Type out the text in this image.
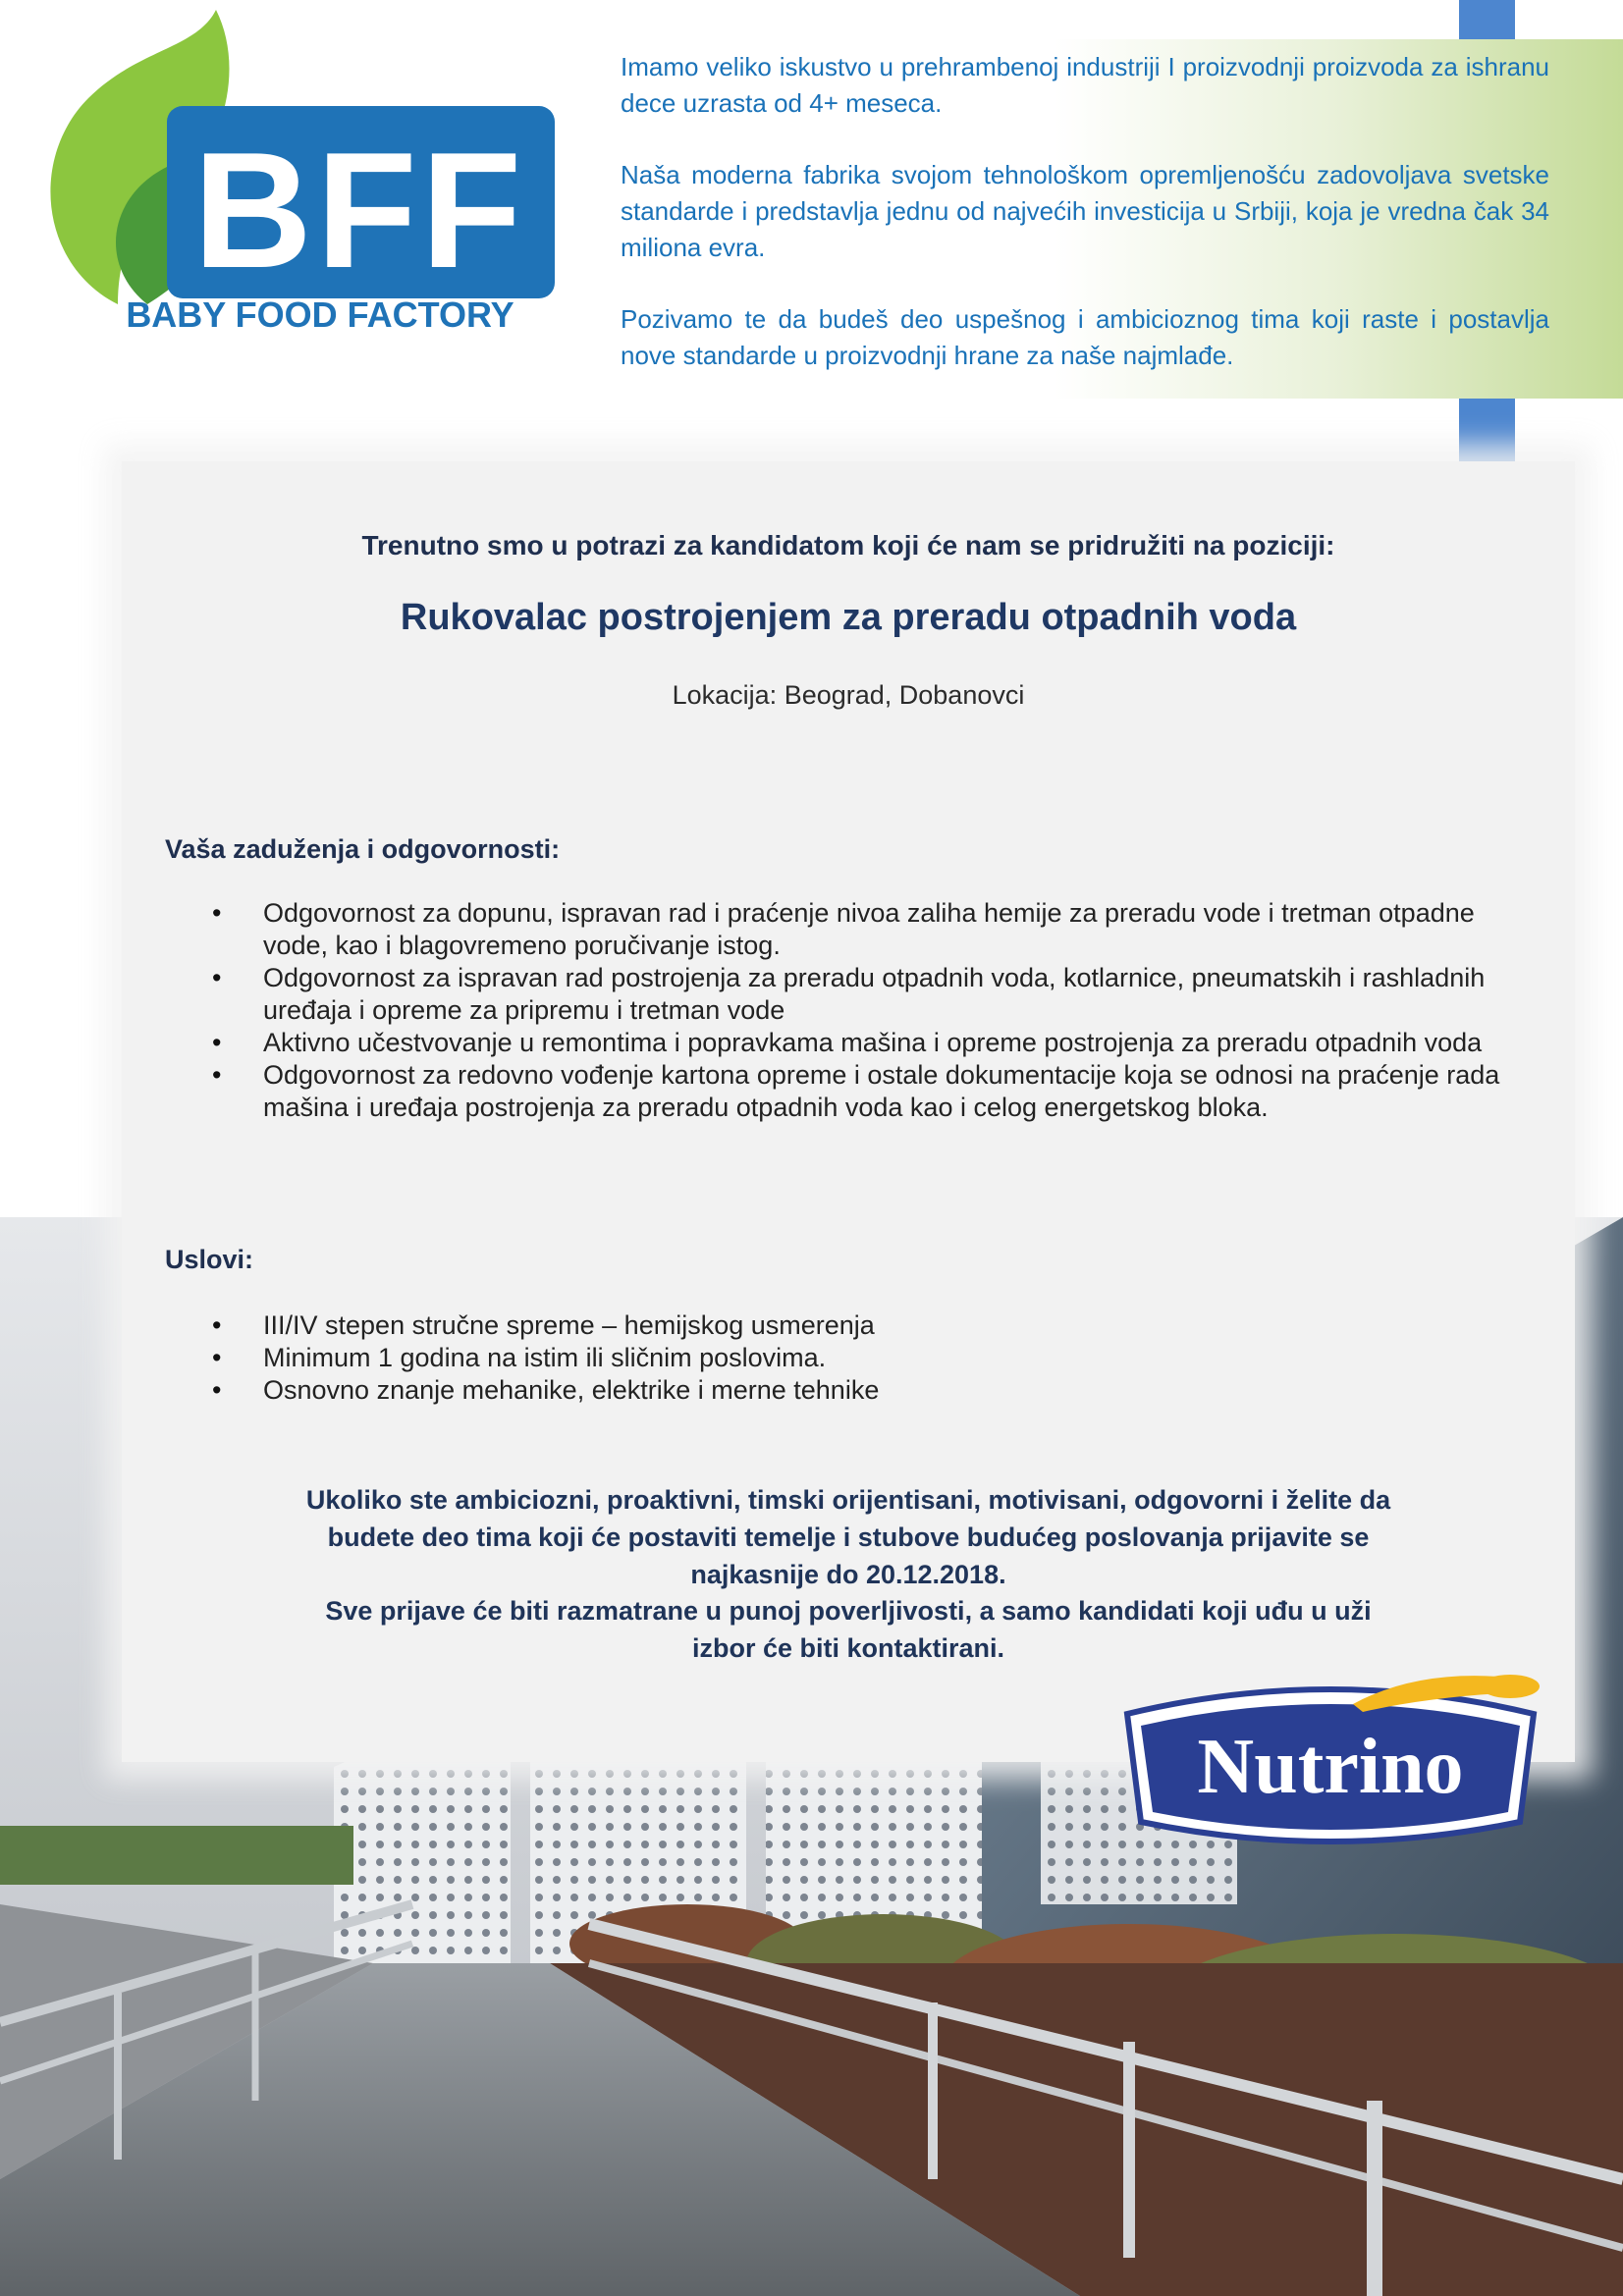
Imamo veliko iskustvo u prehrambenoj industriji I proizvodnji proizvoda za ishranu dece uzrasta od 4+ meseca.

Naša moderna fabrika svojom tehnološkom opremljenošću zadovoljava svetske standarde i predstavlja jednu od najvećih investicija u Srbiji, koja je vredna čak 34 miliona evra.

Pozivamo te da budeš deo uspešnog i ambicioznog tima koji raste i postavlja nove standarde u proizvodnji hrane za naše najmlađe.

BFF
BABY FOOD FACTORY
Trenutno smo u potrazi za kandidatom koji će nam se pridružiti na poziciji:
Rukovalac postrojenjem za preradu otpadnih voda
Lokacija: Beograd, Dobanovci
Vaša zaduženja i odgovornosti:
• Odgovornost za dopunu, ispravan rad i praćenje nivoa zaliha hemije za preradu vode i tretman otpadne vode, kao i blagovremeno poručivanje istog.
• Odgovornost za ispravan rad postrojenja za preradu otpadnih voda, kotlarnice, pneumatskih i rashladnih uređaja i opreme za pripremu i tretman vode
• Aktivno učestvovanje u remontima i popravkama mašina i opreme postrojenja za preradu otpadnih voda
• Odgovornost za redovno vođenje kartona opreme i ostale dokumentacije koja se odnosi na praćenje rada mašina i uređaja postrojenja za preradu otpadnih voda kao i celog energetskog bloka.
Uslovi:
• III/IV stepen stručne spreme – hemijskog usmerenja
• Minimum 1 godina na istim ili sličnim poslovima.
• Osnovno znanje mehanike, elektrike i merne tehnike
Ukoliko ste ambiciozni, proaktivni, timski orijentisani, motivisani, odgovorni i želite da budete deo tima koji će postaviti temelje i stubove budućeg poslovanja prijavite se najkasnije do 20.12.2018.
Sve prijave će biti razmatrane u punoj poverljivosti, a samo kandidati koji uđu u uži izbor će biti kontaktirani.
Nutrino
